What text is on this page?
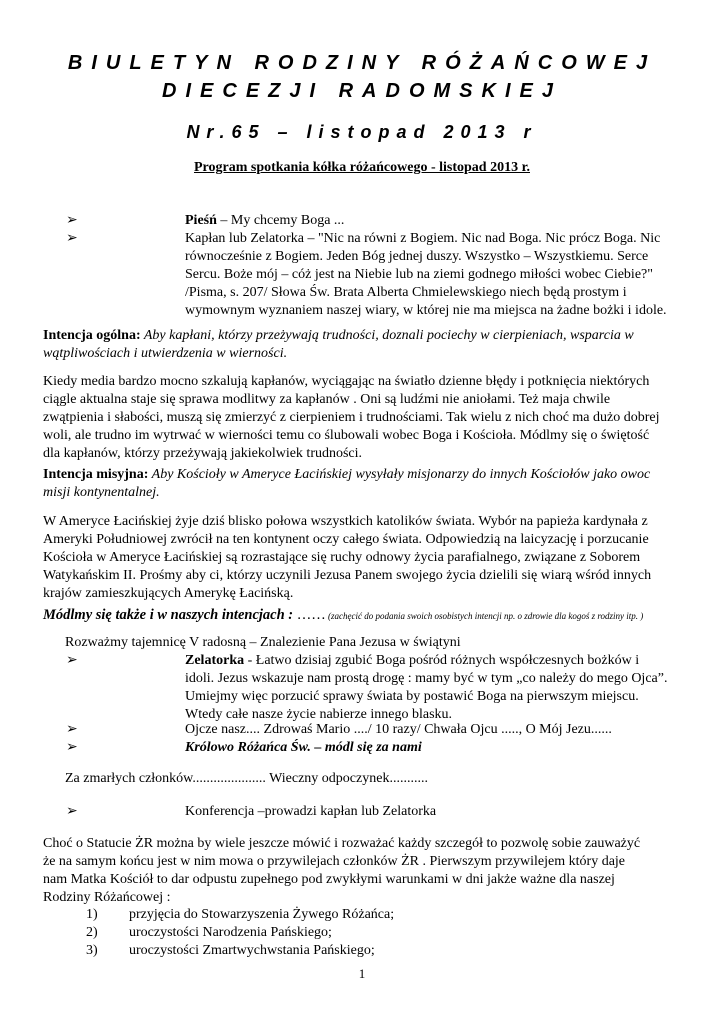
BIULETYN RODZINY RÓŻAŃCOWEJ
DIECEZJI RADOMSKIEJ
Nr.65 – listopad 2013 r
Program spotkania kółka różańcowego - listopad 2013 r.
➢	Pieśń – My chcemy Boga ...
➢	Kapłan lub Zelatorka – "Nic na równi z Bogiem. Nic nad Boga. Nic prócz Boga. Nic
równocześnie z Bogiem. Jeden Bóg jednej duszy. Wszystko – Wszystkiemu. Serce
Sercu. Boże mój – cóż jest na Niebie lub na ziemi godnego miłości wobec Ciebie?"
/Pisma, s. 207/ Słowa Św. Brata Alberta Chmielewskiego niech będą prostym i
wymownym wyznaniem naszej wiary, w której nie ma miejsca na żadne bożki i idole.
Intencja ogólna: Aby kapłani, którzy przeżywają trudności, doznali pociechy w cierpieniach, wsparcia w
wątpliwościach i utwierdzenia w wierności.
Kiedy media bardzo mocno szkalują kapłanów, wyciągając na światło dzienne błędy i potknięcia niektórych
ciągle aktualna staje się sprawa modlitwy za kapłanów . Oni są ludźmi nie aniołami. Też maja chwile
zwątpienia i słabości, muszą się zmierzyć z cierpieniem i trudnościami. Tak wielu z nich choć ma dużo dobrej
woli, ale trudno im wytrwać w wierności temu co ślubowali wobec Boga i Kościoła. Módlmy się o świętość
dla kapłanów, którzy przeżywają jakiekolwiek trudności.
Intencja misyjna: Aby Kościoły w Ameryce Łacińskiej wysyłały misjonarzy do innych Kościołów jako owoc
misji kontynentalnej.
W Ameryce Łacińskiej żyje dziś blisko połowa wszystkich katolików świata. Wybór na papieża kardynała z
Ameryki Południowej zwrócił na ten kontynent oczy całego świata. Odpowiedzią na laicyzację i porzucanie
Kościoła w Ameryce Łacińskiej są rozrastające się ruchy odnowy życia parafialnego, związane z Soborem
Watykańskim II. Prośmy aby ci, którzy uczynili Jezusa Panem swojego życia dzielili się wiarą wśród innych
krajów zamieszkujących Amerykę Łacińską.
Módlmy się także i w naszych intencjach : …… (zachęcić do podania swoich osobistych intencji np. o zdrowie dla kogoś z rodziny itp. )
Rozważmy tajemnicę V radosną – Znalezienie Pana Jezusa w świątyni
➢	Zelatorka - Łatwo dzisiaj zgubić Boga pośród różnych współczesnych bożków i
idoli. Jezus wskazuje nam prostą drogę : mamy być w tym „co należy do mego Ojca”.
Umiejmy więc porzucić sprawy świata by postawić Boga na pierwszym miejscu.
Wtedy całe nasze życie nabierze innego blasku.
➢	Ojcze nasz.... Zdrowaś Mario ..../ 10 razy/ Chwała Ojcu ....., O Mój Jezu......
➢	Królowo Różańca Św. – módl się za nami
Za zmarłych członków..................... Wieczny odpoczynek...........
➢	Konferencja –prowadzi kapłan lub Zelatorka
Choć o Statucie ŻR można by wiele jeszcze mówić i rozważać każdy szczegół to pozwolę sobie zauważyć
że na samym końcu jest w nim mowa o przywilejach członków ŻR . Pierwszym przywilejem który daje
nam Matka Kościół to dar odpustu zupełnego pod zwykłymi warunkami w dni jakże ważne dla naszej
Rodziny Różańcowej :
1) przyjęcia do Stowarzyszenia Żywego Różańca;
2) uroczystości Narodzenia Pańskiego;
3) uroczystości Zmartwychwstania Pańskiego;
1
